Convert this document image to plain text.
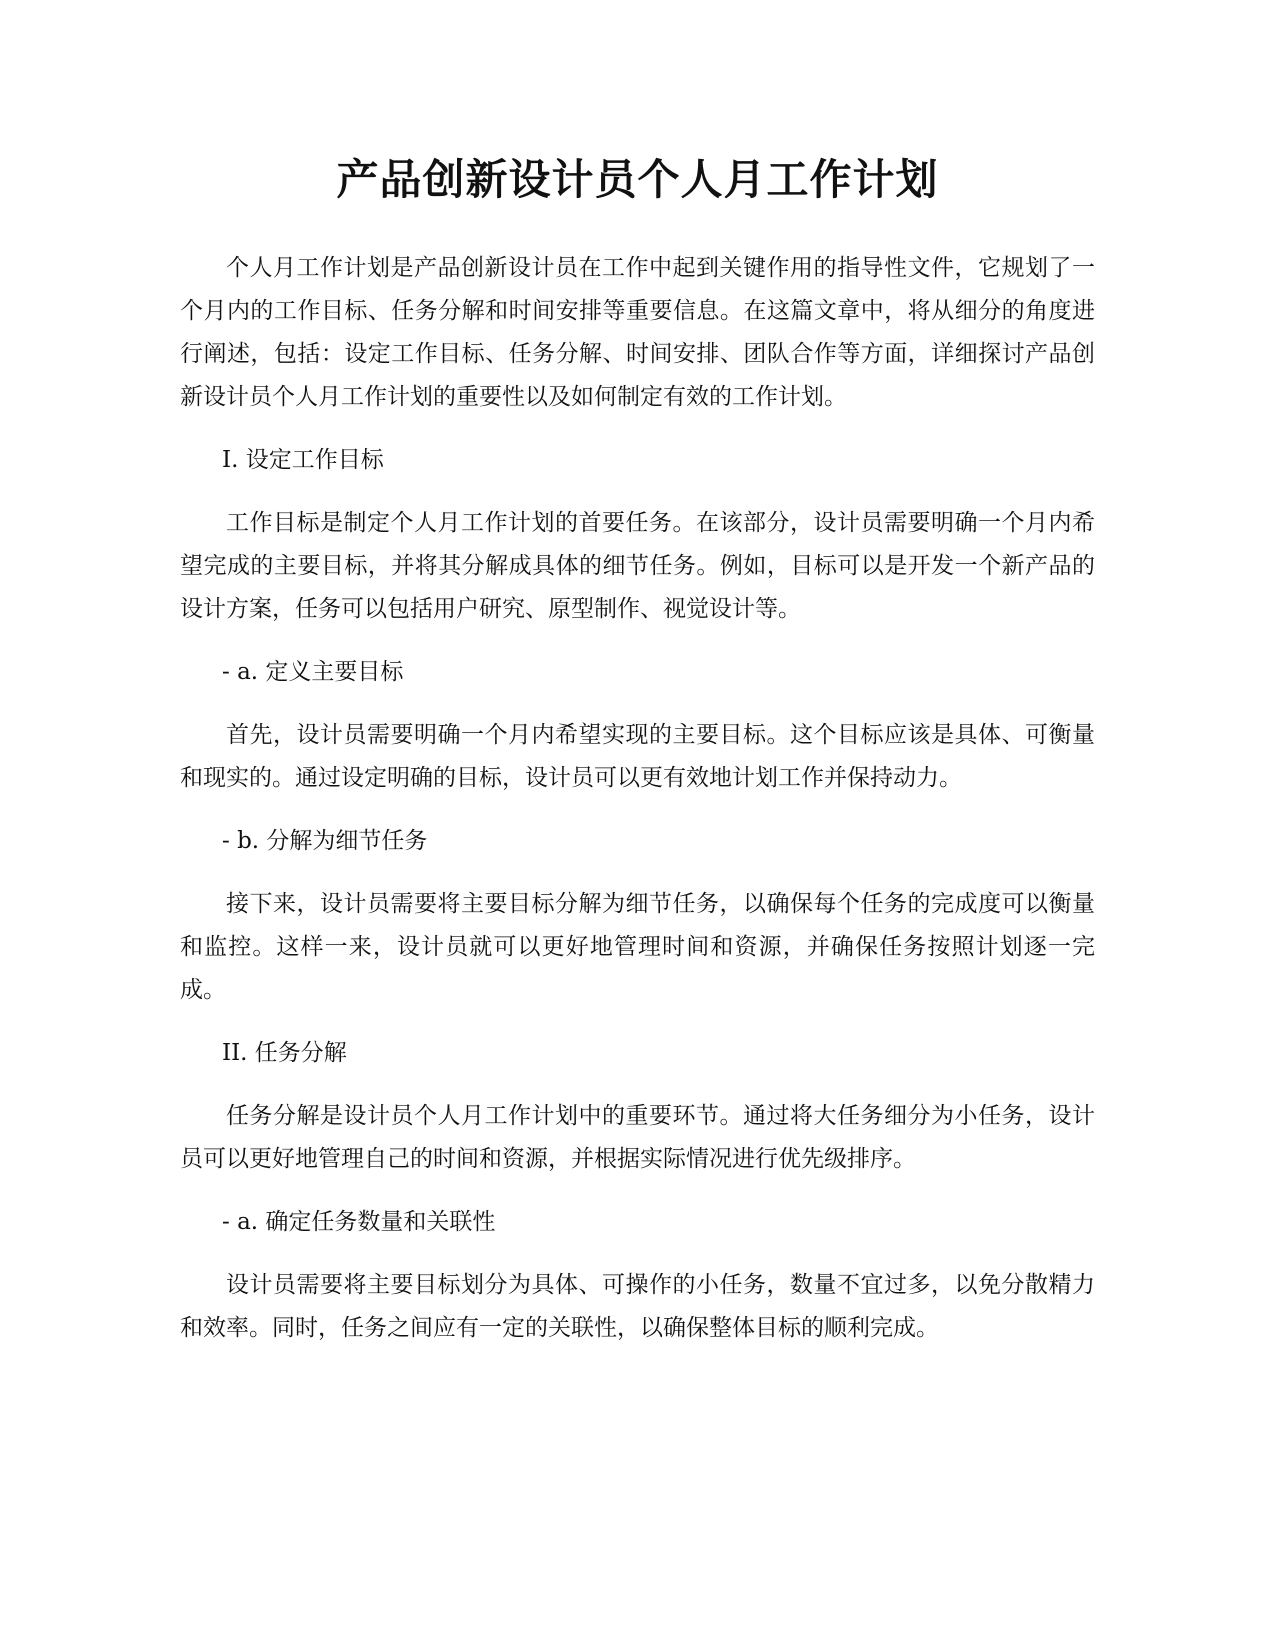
产品创新设计员个人月工作计划

个人月工作计划是产品创新设计员在工作中起到关键作用的指导性文件，它规划了一个月内的工作目标、任务分解和时间安排等重要信息。在这篇文章中，将从细分的角度进行阐述，包括：设定工作目标、任务分解、时间安排、团队合作等方面，详细探讨产品创新设计员个人月工作计划的重要性以及如何制定有效的工作计划。

I. 设定工作目标

工作目标是制定个人月工作计划的首要任务。在该部分，设计员需要明确一个月内希望完成的主要目标，并将其分解成具体的细节任务。例如，目标可以是开发一个新产品的设计方案，任务可以包括用户研究、原型制作、视觉设计等。

- a. 定义主要目标

首先，设计员需要明确一个月内希望实现的主要目标。这个目标应该是具体、可衡量和现实的。通过设定明确的目标，设计员可以更有效地计划工作并保持动力。

- b. 分解为细节任务

接下来，设计员需要将主要目标分解为细节任务，以确保每个任务的完成度可以衡量和监控。这样一来，设计员就可以更好地管理时间和资源，并确保任务按照计划逐一完成。

II. 任务分解

任务分解是设计员个人月工作计划中的重要环节。通过将大任务细分为小任务，设计员可以更好地管理自己的时间和资源，并根据实际情况进行优先级排序。

- a. 确定任务数量和关联性

设计员需要将主要目标划分为具体、可操作的小任务，数量不宜过多，以免分散精力和效率。同时，任务之间应有一定的关联性，以确保整体目标的顺利完成。
